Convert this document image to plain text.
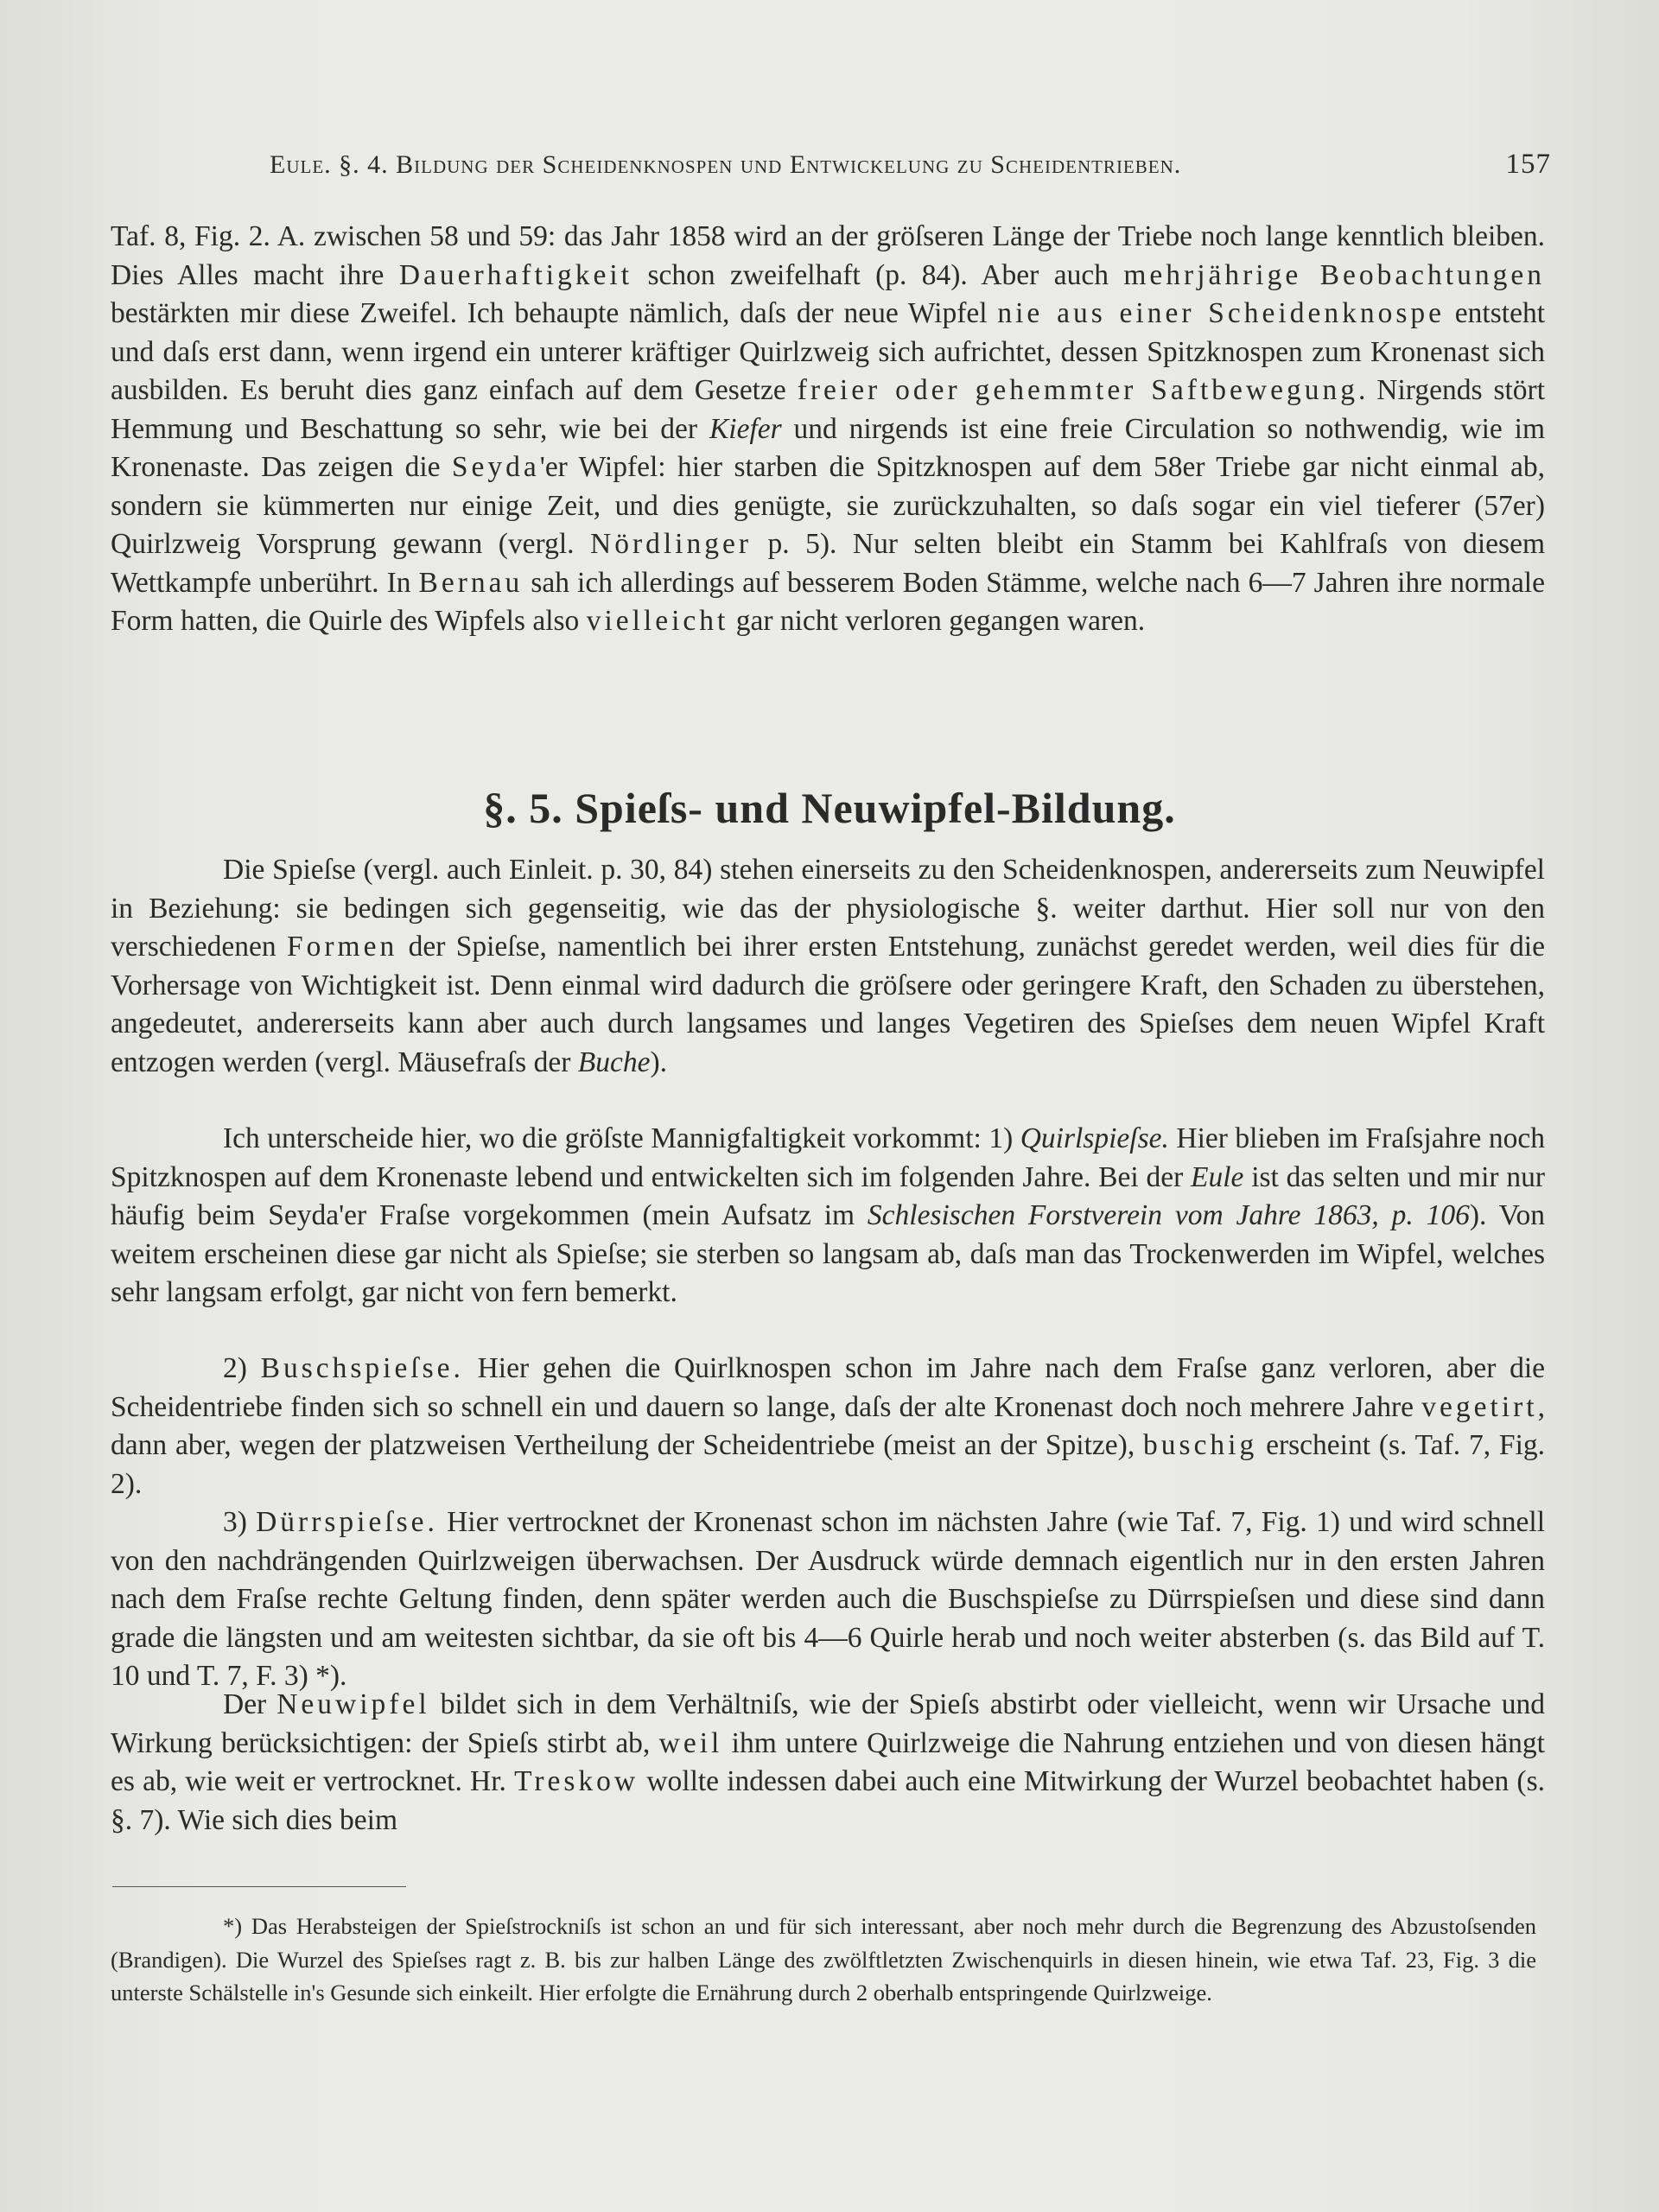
Eule. §. 4. Bildung der Scheidenknospen und Entwickelung zu Scheidentrieben.	157

Taf. 8, Fig. 2. A. zwischen 58 und 59: das Jahr 1858 wird an der gröſseren Länge der Triebe noch lange kenntlich bleiben. Dies Alles macht ihre Dauerhaftigkeit schon zweifelhaft (p. 84). Aber auch mehrjährige Beobachtungen bestärkten mir diese Zweifel. Ich behaupte nämlich, daſs der neue Wipfel nie aus einer Scheidenknospe entsteht und daſs erst dann, wenn irgend ein unterer kräftiger Quirlzweig sich aufrichtet, dessen Spitzknospen zum Kronenast sich ausbilden. Es beruht dies ganz einfach auf dem Gesetze freier oder gehemmter Saftbewegung. Nirgends stört Hemmung und Beschattung so sehr, wie bei der Kiefer und nirgends ist eine freie Circulation so nothwendig, wie im Kronenaste. Das zeigen die Seyda'er Wipfel: hier starben die Spitzknospen auf dem 58er Triebe gar nicht einmal ab, sondern sie kümmerten nur einige Zeit, und dies genügte, sie zurückzuhalten, so daſs sogar ein viel tieferer (57er) Quirlzweig Vorsprung gewann (vergl. Nördlinger p. 5). Nur selten bleibt ein Stamm bei Kahlfraſs von diesem Wettkampfe unberührt. In Bernau sah ich allerdings auf besserem Boden Stämme, welche nach 6—7 Jahren ihre normale Form hatten, die Quirle des Wipfels also vielleicht gar nicht verloren gegangen waren.

§. 5. Spieſs- und Neuwipfel-Bildung.

Die Spieſse (vergl. auch Einleit. p. 30, 84) stehen einerseits zu den Scheidenknospen, andererseits zum Neuwipfel in Beziehung: sie bedingen sich gegenseitig, wie das der physiologische §. weiter darthut. Hier soll nur von den verschiedenen Formen der Spieſse, namentlich bei ihrer ersten Entstehung, zunächst geredet werden, weil dies für die Vorhersage von Wichtigkeit ist. Denn einmal wird dadurch die gröſsere oder geringere Kraft, den Schaden zu überstehen, angedeutet, andererseits kann aber auch durch langsames und langes Vegetiren des Spieſses dem neuen Wipfel Kraft entzogen werden (vergl. Mäusefraſs der Buche).

Ich unterscheide hier, wo die gröſste Mannigfaltigkeit vorkommt: 1) Quirlspieſse. Hier blieben im Fraſsjahre noch Spitzknospen auf dem Kronenaste lebend und entwickelten sich im folgenden Jahre. Bei der Eule ist das selten und mir nur häufig beim Seyda'er Fraſse vorgekommen (mein Aufsatz im Schlesischen Forstverein vom Jahre 1863, p. 106). Von weitem erscheinen diese gar nicht als Spieſse; sie sterben so langsam ab, daſs man das Trockenwerden im Wipfel, welches sehr langsam erfolgt, gar nicht von fern bemerkt.

2) Buschspieſse. Hier gehen die Quirlknospen schon im Jahre nach dem Fraſse ganz verloren, aber die Scheidentriebe finden sich so schnell ein und dauern so lange, daſs der alte Kronenast doch noch mehrere Jahre vegetirt, dann aber, wegen der platzweisen Vertheilung der Scheidentriebe (meist an der Spitze), buschig erscheint (s. Taf. 7, Fig. 2).

3) Dürrspieſse. Hier vertrocknet der Kronenast schon im nächsten Jahre (wie Taf. 7, Fig. 1) und wird schnell von den nachdrängenden Quirlzweigen überwachsen. Der Ausdruck würde demnach eigentlich nur in den ersten Jahren nach dem Fraſse rechte Geltung finden, denn später werden auch die Buschspieſse zu Dürrspieſsen und diese sind dann grade die längsten und am weitesten sichtbar, da sie oft bis 4—6 Quirle herab und noch weiter absterben (s. das Bild auf T. 10 und T. 7, F. 3) *).

Der Neuwipfel bildet sich in dem Verhältniſs, wie der Spieſs abstirbt oder vielleicht, wenn wir Ursache und Wirkung berücksichtigen: der Spieſs stirbt ab, weil ihm untere Quirlzweige die Nahrung entziehen und von diesen hängt es ab, wie weit er vertrocknet. Hr. Treskow wollte indessen dabei auch eine Mitwirkung der Wurzel beobachtet haben (s. §. 7). Wie sich dies beim

*) Das Herabsteigen der Spieſstrockniſs ist schon an und für sich interessant, aber noch mehr durch die Begrenzung des Abzustoſsenden (Brandigen). Die Wurzel des Spieſses ragt z. B. bis zur halben Länge des zwölftletzten Zwischenquirls in diesen hinein, wie etwa Taf. 23, Fig. 3 die unterste Schälstelle in's Gesunde sich einkeilt. Hier erfolgte die Ernährung durch 2 oberhalb entspringende Quirlzweige.
